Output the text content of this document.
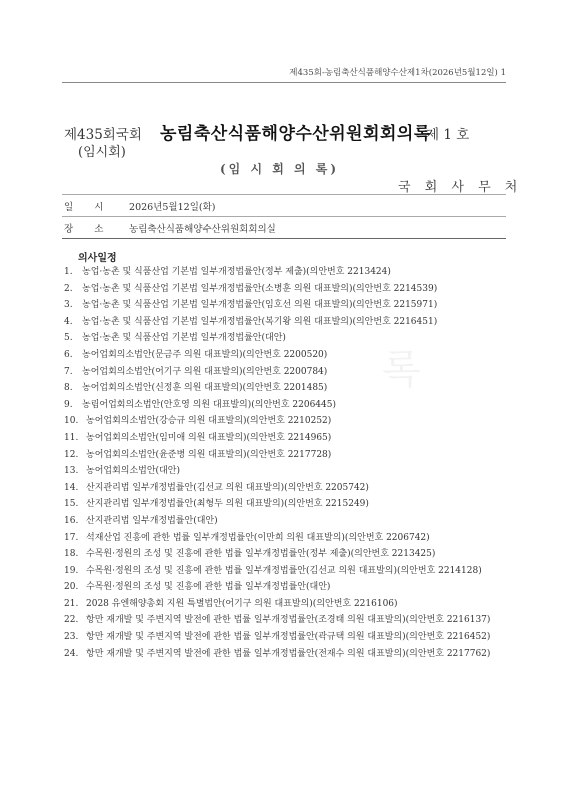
제435회-농림축산식품해양수산제1차(2026년5월12일) 1
제435회국회
(임시회)
농림축산식품해양수산위원회회의록
제 1 호
(임 시 회 의 록)
국 회 사 무 처
일 시 2026년5월12일(화)
장 소 농림축산식품해양수산위원회회의실
록
의사일정
1. 농업·농촌 및 식품산업 기본법 일부개정법률안(정부 제출)(의안번호 2213424)
2. 농업·농촌 및 식품산업 기본법 일부개정법률안(소병훈 의원 대표발의)(의안번호 2214539)
3. 농업·농촌 및 식품산업 기본법 일부개정법률안(임호선 의원 대표발의)(의안번호 2215971)
4. 농업·농촌 및 식품산업 기본법 일부개정법률안(복기왕 의원 대표발의)(의안번호 2216451)
5. 농업·농촌 및 식품산업 기본법 일부개정법률안(대안)
6. 농어업회의소법안(문금주 의원 대표발의)(의안번호 2200520)
7. 농어업회의소법안(어기구 의원 대표발의)(의안번호 2200784)
8. 농어업회의소법안(신정훈 의원 대표발의)(의안번호 2201485)
9. 농림어업회의소법안(안호영 의원 대표발의)(의안번호 2206445)
10. 농어업회의소법안(강승규 의원 대표발의)(의안번호 2210252)
11. 농어업회의소법안(임미애 의원 대표발의)(의안번호 2214965)
12. 농어업회의소법안(윤준병 의원 대표발의)(의안번호 2217728)
13. 농어업회의소법안(대안)
14. 산지관리법 일부개정법률안(김선교 의원 대표발의)(의안번호 2205742)
15. 산지관리법 일부개정법률안(최형두 의원 대표발의)(의안번호 2215249)
16. 산지관리법 일부개정법률안(대안)
17. 석재산업 진흥에 관한 법률 일부개정법률안(이만희 의원 대표발의)(의안번호 2206742)
18. 수목원·정원의 조성 및 진흥에 관한 법률 일부개정법률안(정부 제출)(의안번호 2213425)
19. 수목원·정원의 조성 및 진흥에 관한 법률 일부개정법률안(김선교 의원 대표발의)(의안번호 2214128)
20. 수목원·정원의 조성 및 진흥에 관한 법률 일부개정법률안(대안)
21. 2028 유엔해양총회 지원 특별법안(어기구 의원 대표발의)(의안번호 2216106)
22. 항만 재개발 및 주변지역 발전에 관한 법률 일부개정법률안(조경태 의원 대표발의)(의안번호 2216137)
23. 항만 재개발 및 주변지역 발전에 관한 법률 일부개정법률안(곽규택 의원 대표발의)(의안번호 2216452)
24. 항만 재개발 및 주변지역 발전에 관한 법률 일부개정법률안(전재수 의원 대표발의)(의안번호 2217762)
